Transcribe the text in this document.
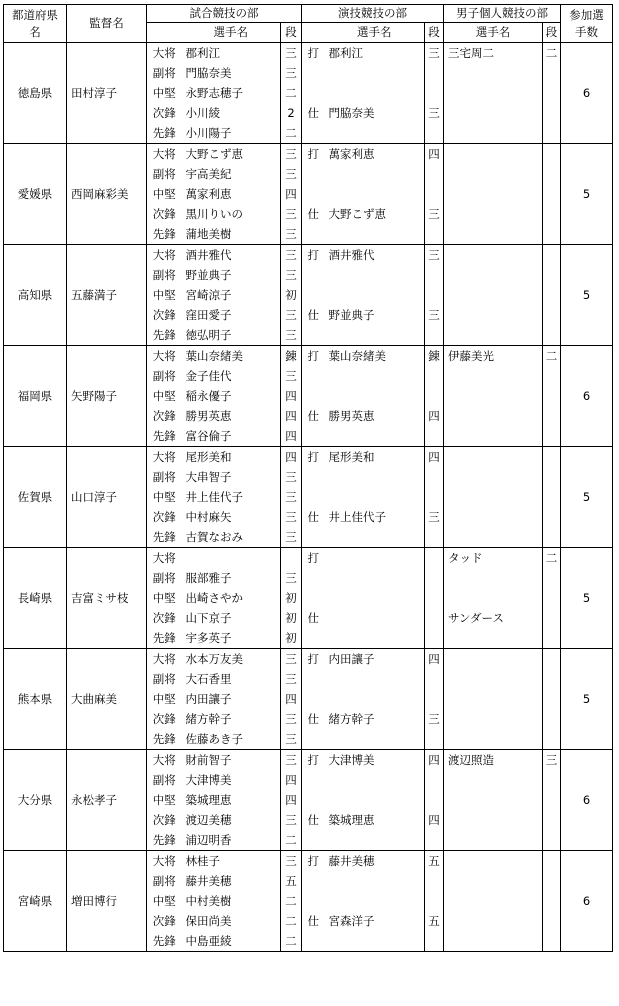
都道府県名	監督名	試合競技の部			演技競技の部			男子個人競技の部		参加選手数

			選手名	段		選手名	段	選手名	段	
徳島県	田村淳子	大将	郡利江	三	打	郡利江	三	三宅周二	二	6
		副将	門脇奈美	三						
		中堅	永野志穂子	二						
		次鋒	小川綾	2	仕	門脇奈美	三			
		先鋒	小川陽子	二						
愛媛県	西岡麻彩美	大将	大野こず恵	三	打	萬家利恵	四			5
		副将	宇高美紀	三						
		中堅	萬家利恵	四						
		次鋒	黒川りいの	三	仕	大野こず恵	三			
		先鋒	蒲地美樹	三						
高知県	五藤満子	大将	酒井雅代	三	打	酒井雅代	三			5
		副将	野並典子	三						
		中堅	宮崎涼子	初						
		次鋒	窪田愛子	三	仕	野並典子	三			
		先鋒	徳弘明子	三						
福岡県	矢野陽子	大将	葉山奈緒美	錬	打	葉山奈緒美	錬	伊藤美光	二	6
		副将	金子佳代	三						
		中堅	稲永優子	四						
		次鋒	勝男英恵	四	仕	勝男英恵	四			
		先鋒	富谷倫子	四						
佐賀県	山口淳子	大将	尾形美和	四	打	尾形美和	四			5
		副将	大串智子	三						
		中堅	井上佳代子	三						
		次鋒	中村麻矢	三	仕	井上佳代子	三			
		先鋒	古賀なおみ	三						
長崎県	吉富ミサ枝	大将			打			タッド	二	5
		副将	服部雅子	三						
		中堅	出崎さやか	初						
		次鋒	山下京子	初	仕			サンダース		
		先鋒	宇多英子	初						
熊本県	大曲麻美	大将	水本万友美	三	打	内田讓子	四			5
		副将	大石香里	三						
		中堅	内田讓子	四						
		次鋒	緒方幹子	三	仕	緒方幹子	三			
		先鋒	佐藤あき子	三						
大分県	永松孝子	大将	財前智子	三	打	大津博美	四	渡辺照造	三	6
		副将	大津博美	四						
		中堅	築城理恵	四						
		次鋒	渡辺美穂	三	仕	築城理恵	四			
		先鋒	浦辺明香	二						
宮崎県	増田博行	大将	林桂子	三	打	藤井美穂	五			6
		副将	藤井美穂	五						
		中堅	中村美樹	二						
		次鋒	保田尚美	二	仕	宮森洋子	五			
		先鋒	中島亜綾	二						
